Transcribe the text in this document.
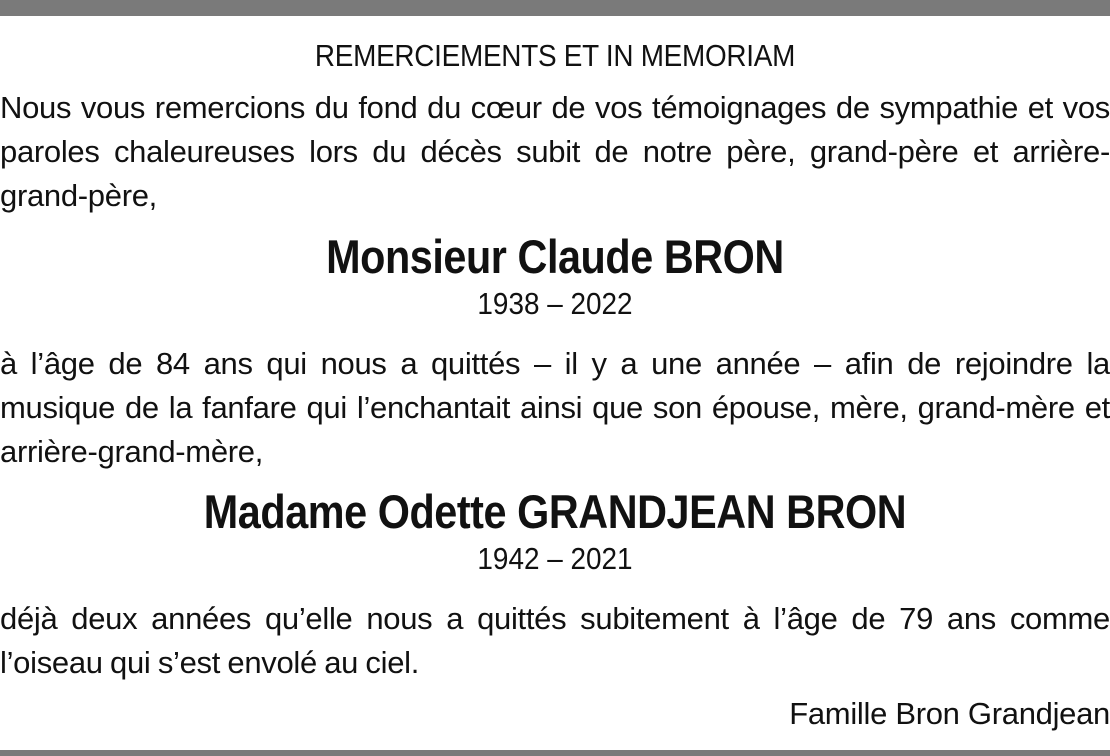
REMERCIEMENTS ET IN MEMORIAM

Nous vous remercions du fond du cœur de vos témoignages de sympathie et vos paroles chaleureuses lors du décès subit de notre père, grand-père et arrière-grand-père,

Monsieur Claude BRON
1938 – 2022

à l’âge de 84 ans qui nous a quittés – il y a une année – afin de rejoindre la musique de la fanfare qui l’enchantait ainsi que son épouse, mère, grand-mère et arrière-grand-mère,

Madame Odette GRANDJEAN BRON
1942 – 2021

déjà deux années qu’elle nous a quittés subitement à l’âge de 79 ans comme l’oiseau qui s’est envolé au ciel.

Famille Bron Grandjean
